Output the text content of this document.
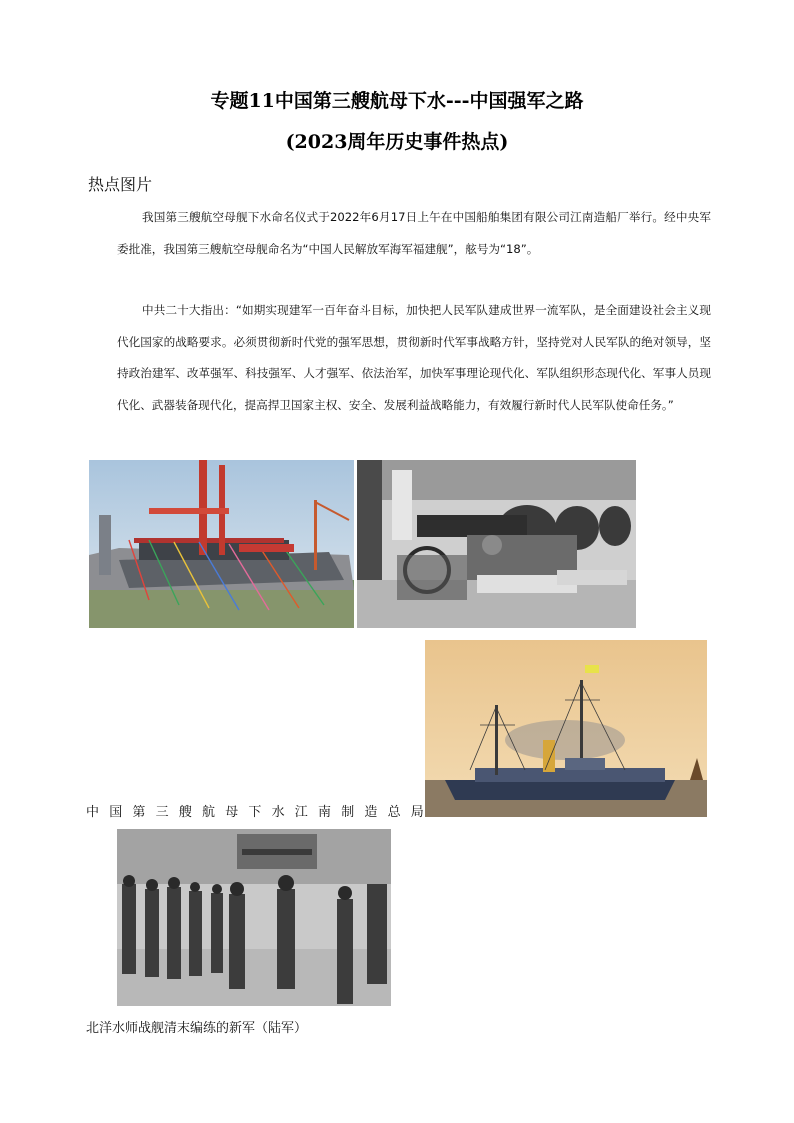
专题11中国第三艘航母下水---中国强军之路
(2023周年历史事件热点)
热点图片

我国第三艘航空母舰下水命名仪式于2022年6月17日上午在中国船舶集团有限公司江南造船厂举行。经中央军委批准，我国第三艘航空母舰命名为“中国人民解放军海军福建舰”，舷号为“18”。

中共二十大指出：“如期实现建军一百年奋斗目标，加快把人民军队建成世界一流军队，是全面建设社会主义现代化国家的战略要求。必须贯彻新时代党的强军思想，贯彻新时代军事战略方针，坚持党对人民军队的绝对领导，坚持政治建军、改革强军、科技强军、人才强军、依法治军，加快军事理论现代化、军队组织形态现代化、军事人员现代化、武器装备现代化，提高捍卫国家主权、安全、发展利益战略能力，有效履行新时代人民军队使命任务。”

中国第三艘航母下水江南制造总局

北洋水师战舰清末编练的新军（陆军）
